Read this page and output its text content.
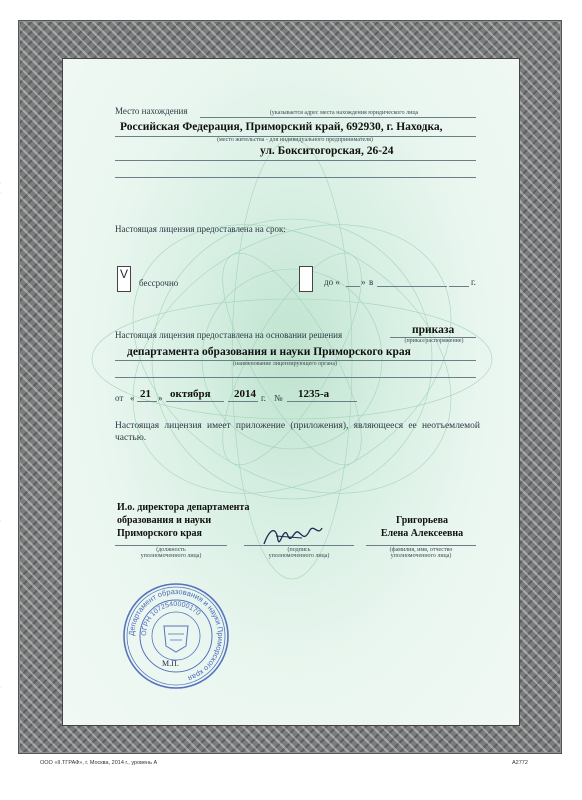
Место нахождения	(указывается адрес места нахождения юридического лица
Российская Федерация, Приморский край, 692930, г. Находка,
(место жительства - для индивидуального предпринимателя)
ул. Бокситогорская, 26-24
Настоящая лицензия предоставлена на срок:
V
бессрочно	до « » в	г.
Настоящая лицензия предоставлена на основании решения	приказа
(приказ/распоряжение)
департамента образования и науки Приморского края
(наименование лицензирующего органа)
от « 21 » октября 2014 г. № 1235-а
Настоящая лицензия имеет приложение (приложения), являющееся ее неотъемлемой частью.
И.о. директора департамента
образования и науки
Приморского края
(должность
уполномоченного лица)
(подпись
уполномоченного лица)
Григорьева
Елена Алексеевна
(фамилия, имя, отчество
уполномоченного лица)
Департамент образования и науки Приморского края
ОГРН 1072540000170
М.П.
ООО «II.ТГРАФ», г. Москва, 2014 г., уровень А	А2772
